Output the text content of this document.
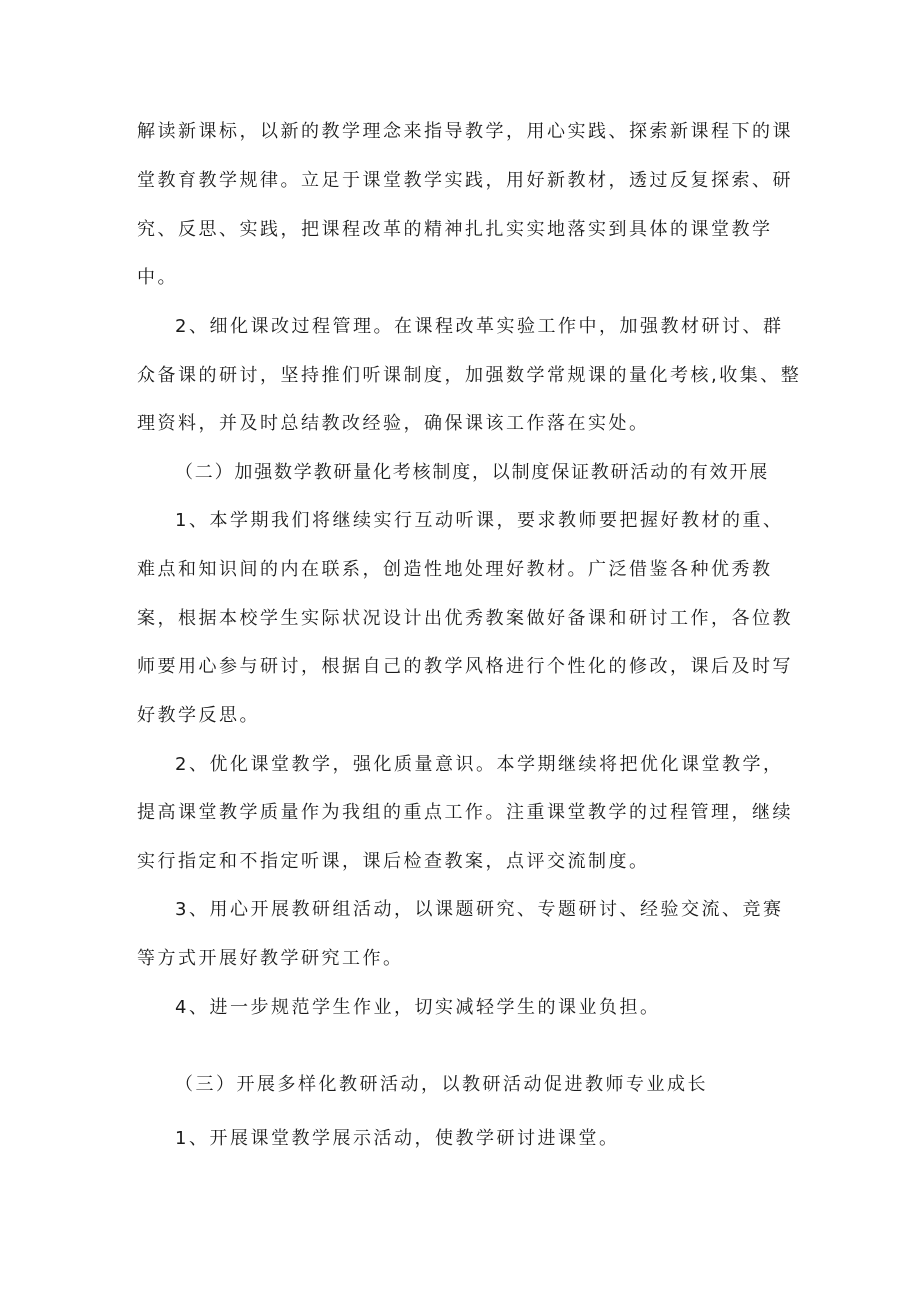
解读新课标，以新的教学理念来指导教学，用心实践、探索新课程下的课
堂教育教学规律。立足于课堂教学实践，用好新教材，透过反复探索、研
究、反思、实践，把课程改革的精神扎扎实实地落实到具体的课堂教学
中。
2、细化课改过程管理。在课程改革实验工作中，加强教材研讨、群
众备课的研讨，坚持推们听课制度，加强数学常规课的量化考核,收集、整
理资料，并及时总结教改经验，确保课该工作落在实处。
（二）加强数学教研量化考核制度，以制度保证教研活动的有效开展
1、本学期我们将继续实行互动听课，要求教师要把握好教材的重、
难点和知识间的内在联系，创造性地处理好教材。广泛借鉴各种优秀教
案，根据本校学生实际状况设计出优秀教案做好备课和研讨工作，各位教
师要用心参与研讨，根据自己的教学风格进行个性化的修改，课后及时写
好教学反思。
2、优化课堂教学，强化质量意识。本学期继续将把优化课堂教学，
提高课堂教学质量作为我组的重点工作。注重课堂教学的过程管理，继续
实行指定和不指定听课，课后检查教案，点评交流制度。
3、用心开展教研组活动，以课题研究、专题研讨、经验交流、竞赛
等方式开展好教学研究工作。
4、进一步规范学生作业，切实减轻学生的课业负担。
（三）开展多样化教研活动，以教研活动促进教师专业成长
1、开展课堂教学展示活动，使教学研讨进课堂。
